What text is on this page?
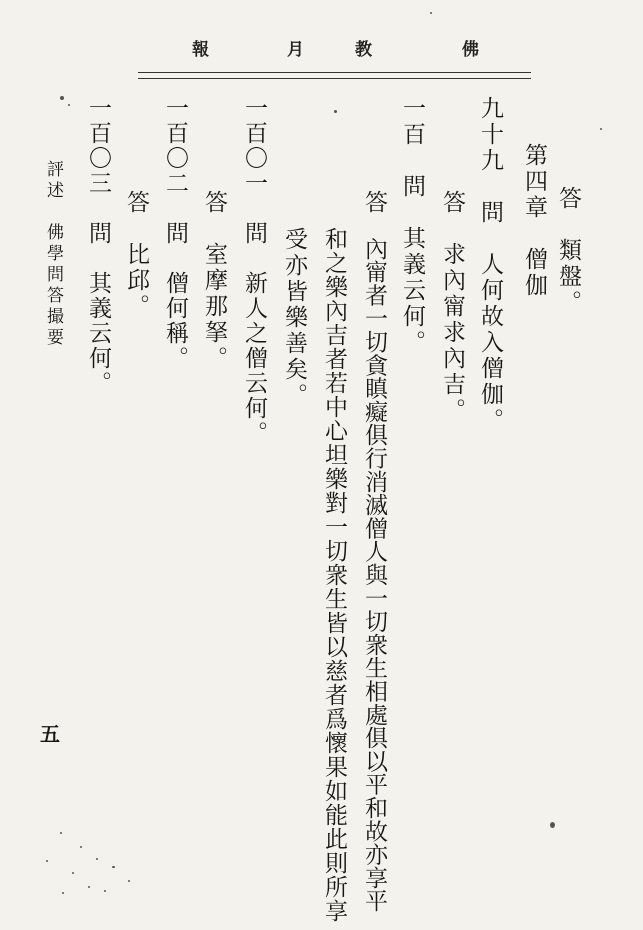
佛
教
月
報
答　類盤。
第四章　僧伽
九十九　問　人何故入僧伽。
答　求內甯求內吉。
一百　問　其義云何。
答　內甯者一切貪瞋癡俱行消滅僧人與一切衆生相處俱以平和故亦享平
和之樂內吉者若中心坦樂對一切衆生皆以慈者爲懷果如能此則所享
受亦皆樂善矣。
一百〇一　問　新人之僧云何。
答　室摩那拏。
一百〇二　問　僧何稱。
答　比邱。
一百〇三　問　其義云何。
評述　佛學問答撮要
五
